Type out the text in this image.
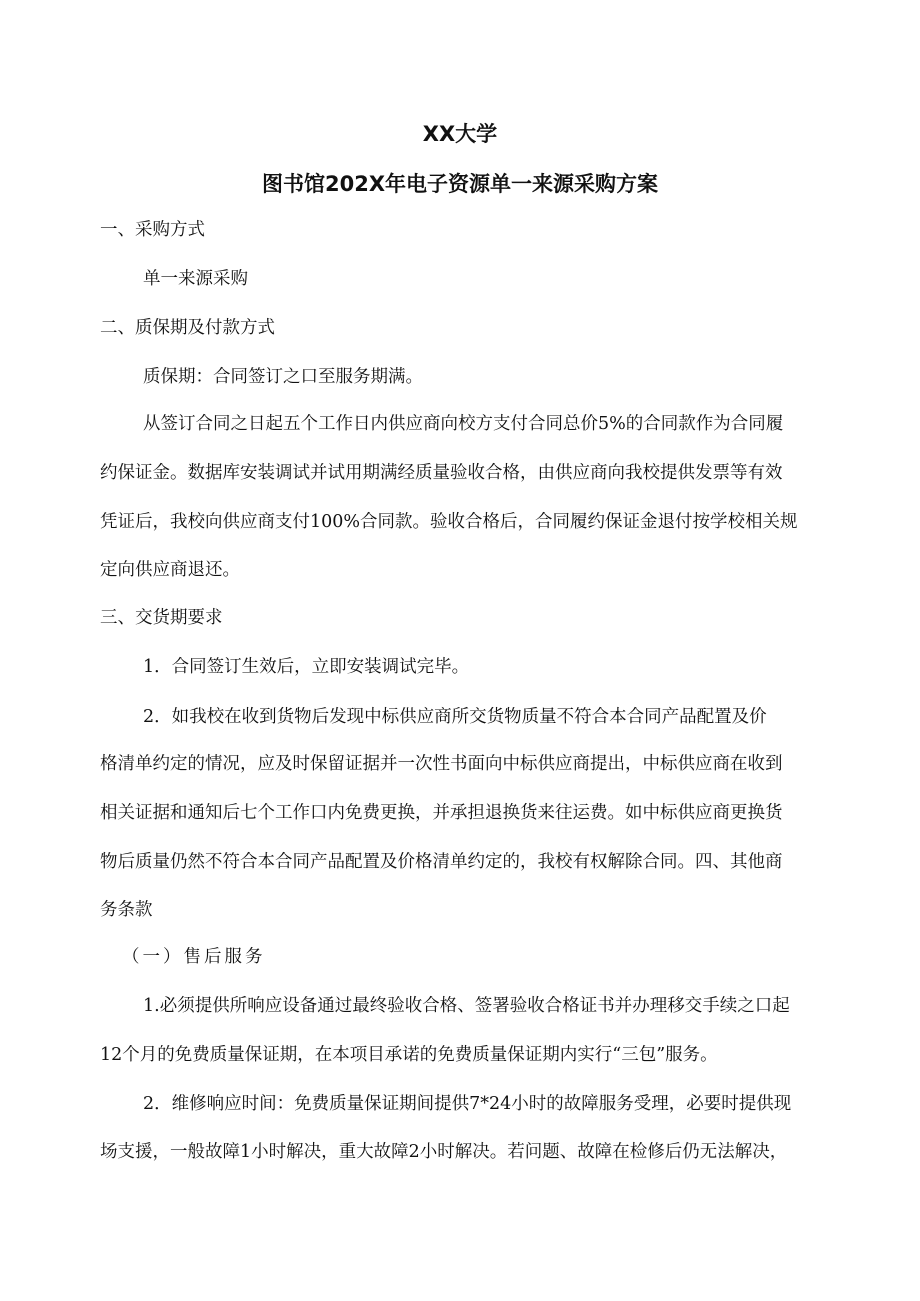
XX大学
图书馆202X年电子资源单一来源采购方案
一、采购方式
单一来源采购
二、质保期及付款方式
质保期：合同签订之口至服务期满。
从签订合同之日起五个工作日内供应商向校方支付合同总价5%的合同款作为合同履
约保证金。数据库安装调试并试用期满经质量验收合格，由供应商向我校提供发票等有效
凭证后，我校向供应商支付100%合同款。验收合格后，合同履约保证金退付按学校相关规
定向供应商退还。
三、交货期要求
1．合同签订生效后，立即安装调试完毕。
2．如我校在收到货物后发现中标供应商所交货物质量不符合本合同产品配置及价
格清单约定的情况，应及时保留证据并一次性书面向中标供应商提出，中标供应商在收到
相关证据和通知后七个工作口内免费更换，并承担退换货来往运费。如中标供应商更换货
物后质量仍然不符合本合同产品配置及价格清单约定的，我校有权解除合同。四、其他商
务条款
（一）售后服务
1.必须提供所响应设备通过最终验收合格、签署验收合格证书并办理移交手续之口起
12个月的免费质量保证期，在本项目承诺的免费质量保证期内实行“三包”服务。
2．维修响应时间：免费质量保证期间提供7*24小时的故障服务受理，必要时提供现
场支援，一般故障1小时解决，重大故障2小时解决。若问题、故障在检修后仍无法解决，
